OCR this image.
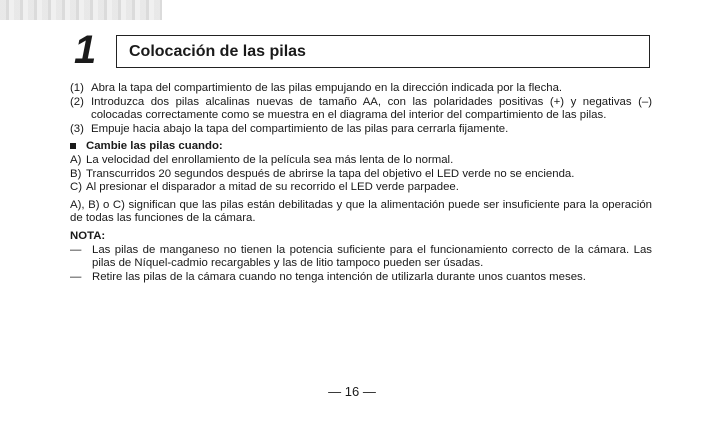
1 Colocación de las pilas
(1) Abra la tapa del compartimiento de las pilas empujando en la dirección indicada por la flecha.
(2) Introduzca dos pilas alcalinas nuevas de tamaño AA, con las polaridades positivas (+) y negativas (–) colocadas correctamente como se muestra en el diagrama del interior del compartimiento de las pilas.
(3) Empuje hacia abajo la tapa del compartimiento de las pilas para cerrarla fijamente.
Cambie las pilas cuando:
A) La velocidad del enrollamiento de la película sea más lenta de lo normal.
B) Transcurridos 20 segundos después de abrirse la tapa del objetivo el LED verde no se encienda.
C) Al presionar el disparador a mitad de su recorrido el LED verde parpadee.
A), B) o C) significan que las pilas están debilitadas y que la alimentación puede ser insuficiente para la operación de todas las funciones de la cámara.
NOTA:
— Las pilas de manganeso no tienen la potencia suficiente para el funcionamiento correcto de la cámara. Las pilas de Níquel-cadmio recargables y las de litio tampoco pueden ser úsadas.
— Retire las pilas de la cámara cuando no tenga intención de utilizarla durante unos cuantos meses.
— 16 —
